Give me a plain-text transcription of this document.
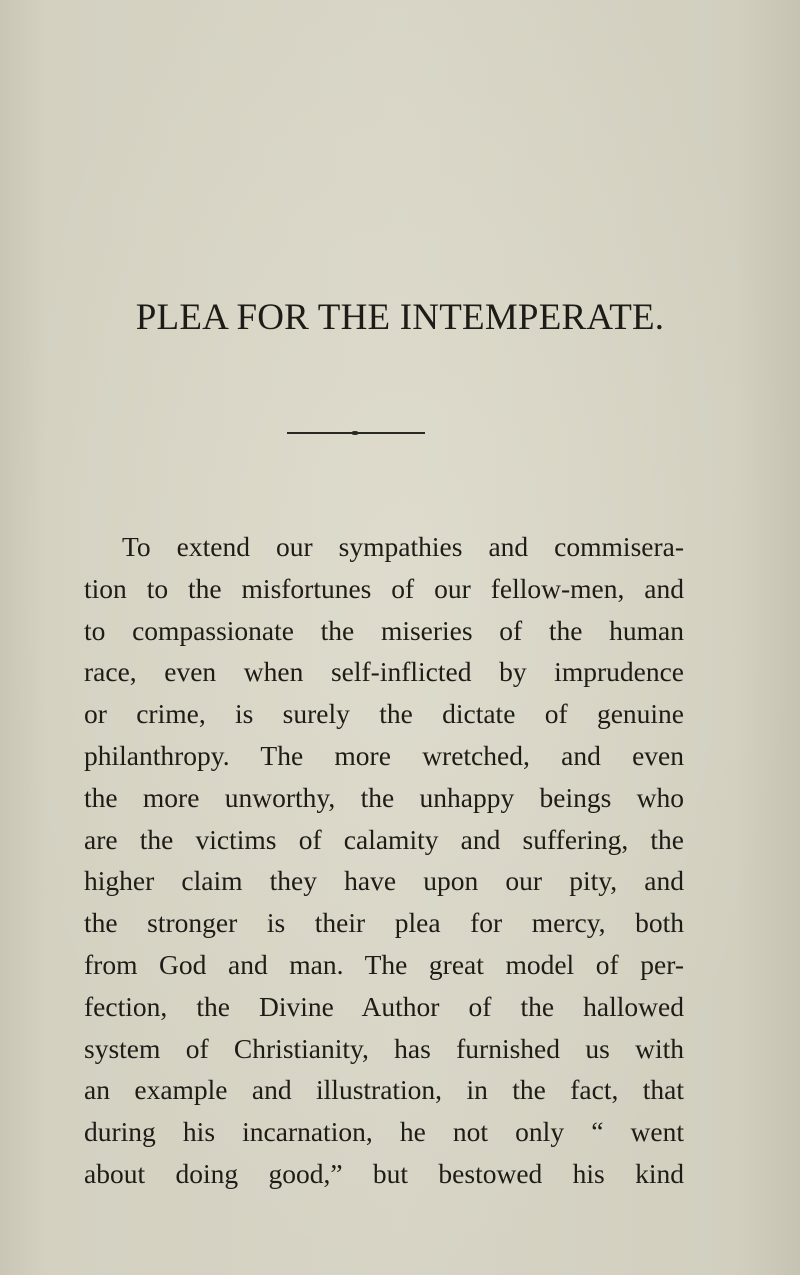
PLEA FOR THE INTEMPERATE.
To extend our sympathies and commisera-
tion to the misfortunes of our fellow-men, and
to compassionate the miseries of the human
race, even when self-inflicted by imprudence
or crime, is surely the dictate of genuine
philanthropy. The more wretched, and even
the more unworthy, the unhappy beings who
are the victims of calamity and suffering, the
higher claim they have upon our pity, and
the stronger is their plea for mercy, both
from God and man. The great model of per-
fection, the Divine Author of the hallowed
system of Christianity, has furnished us with
an example and illustration, in the fact, that
during his incarnation, he not only “ went
about doing good,” but bestowed his kind
